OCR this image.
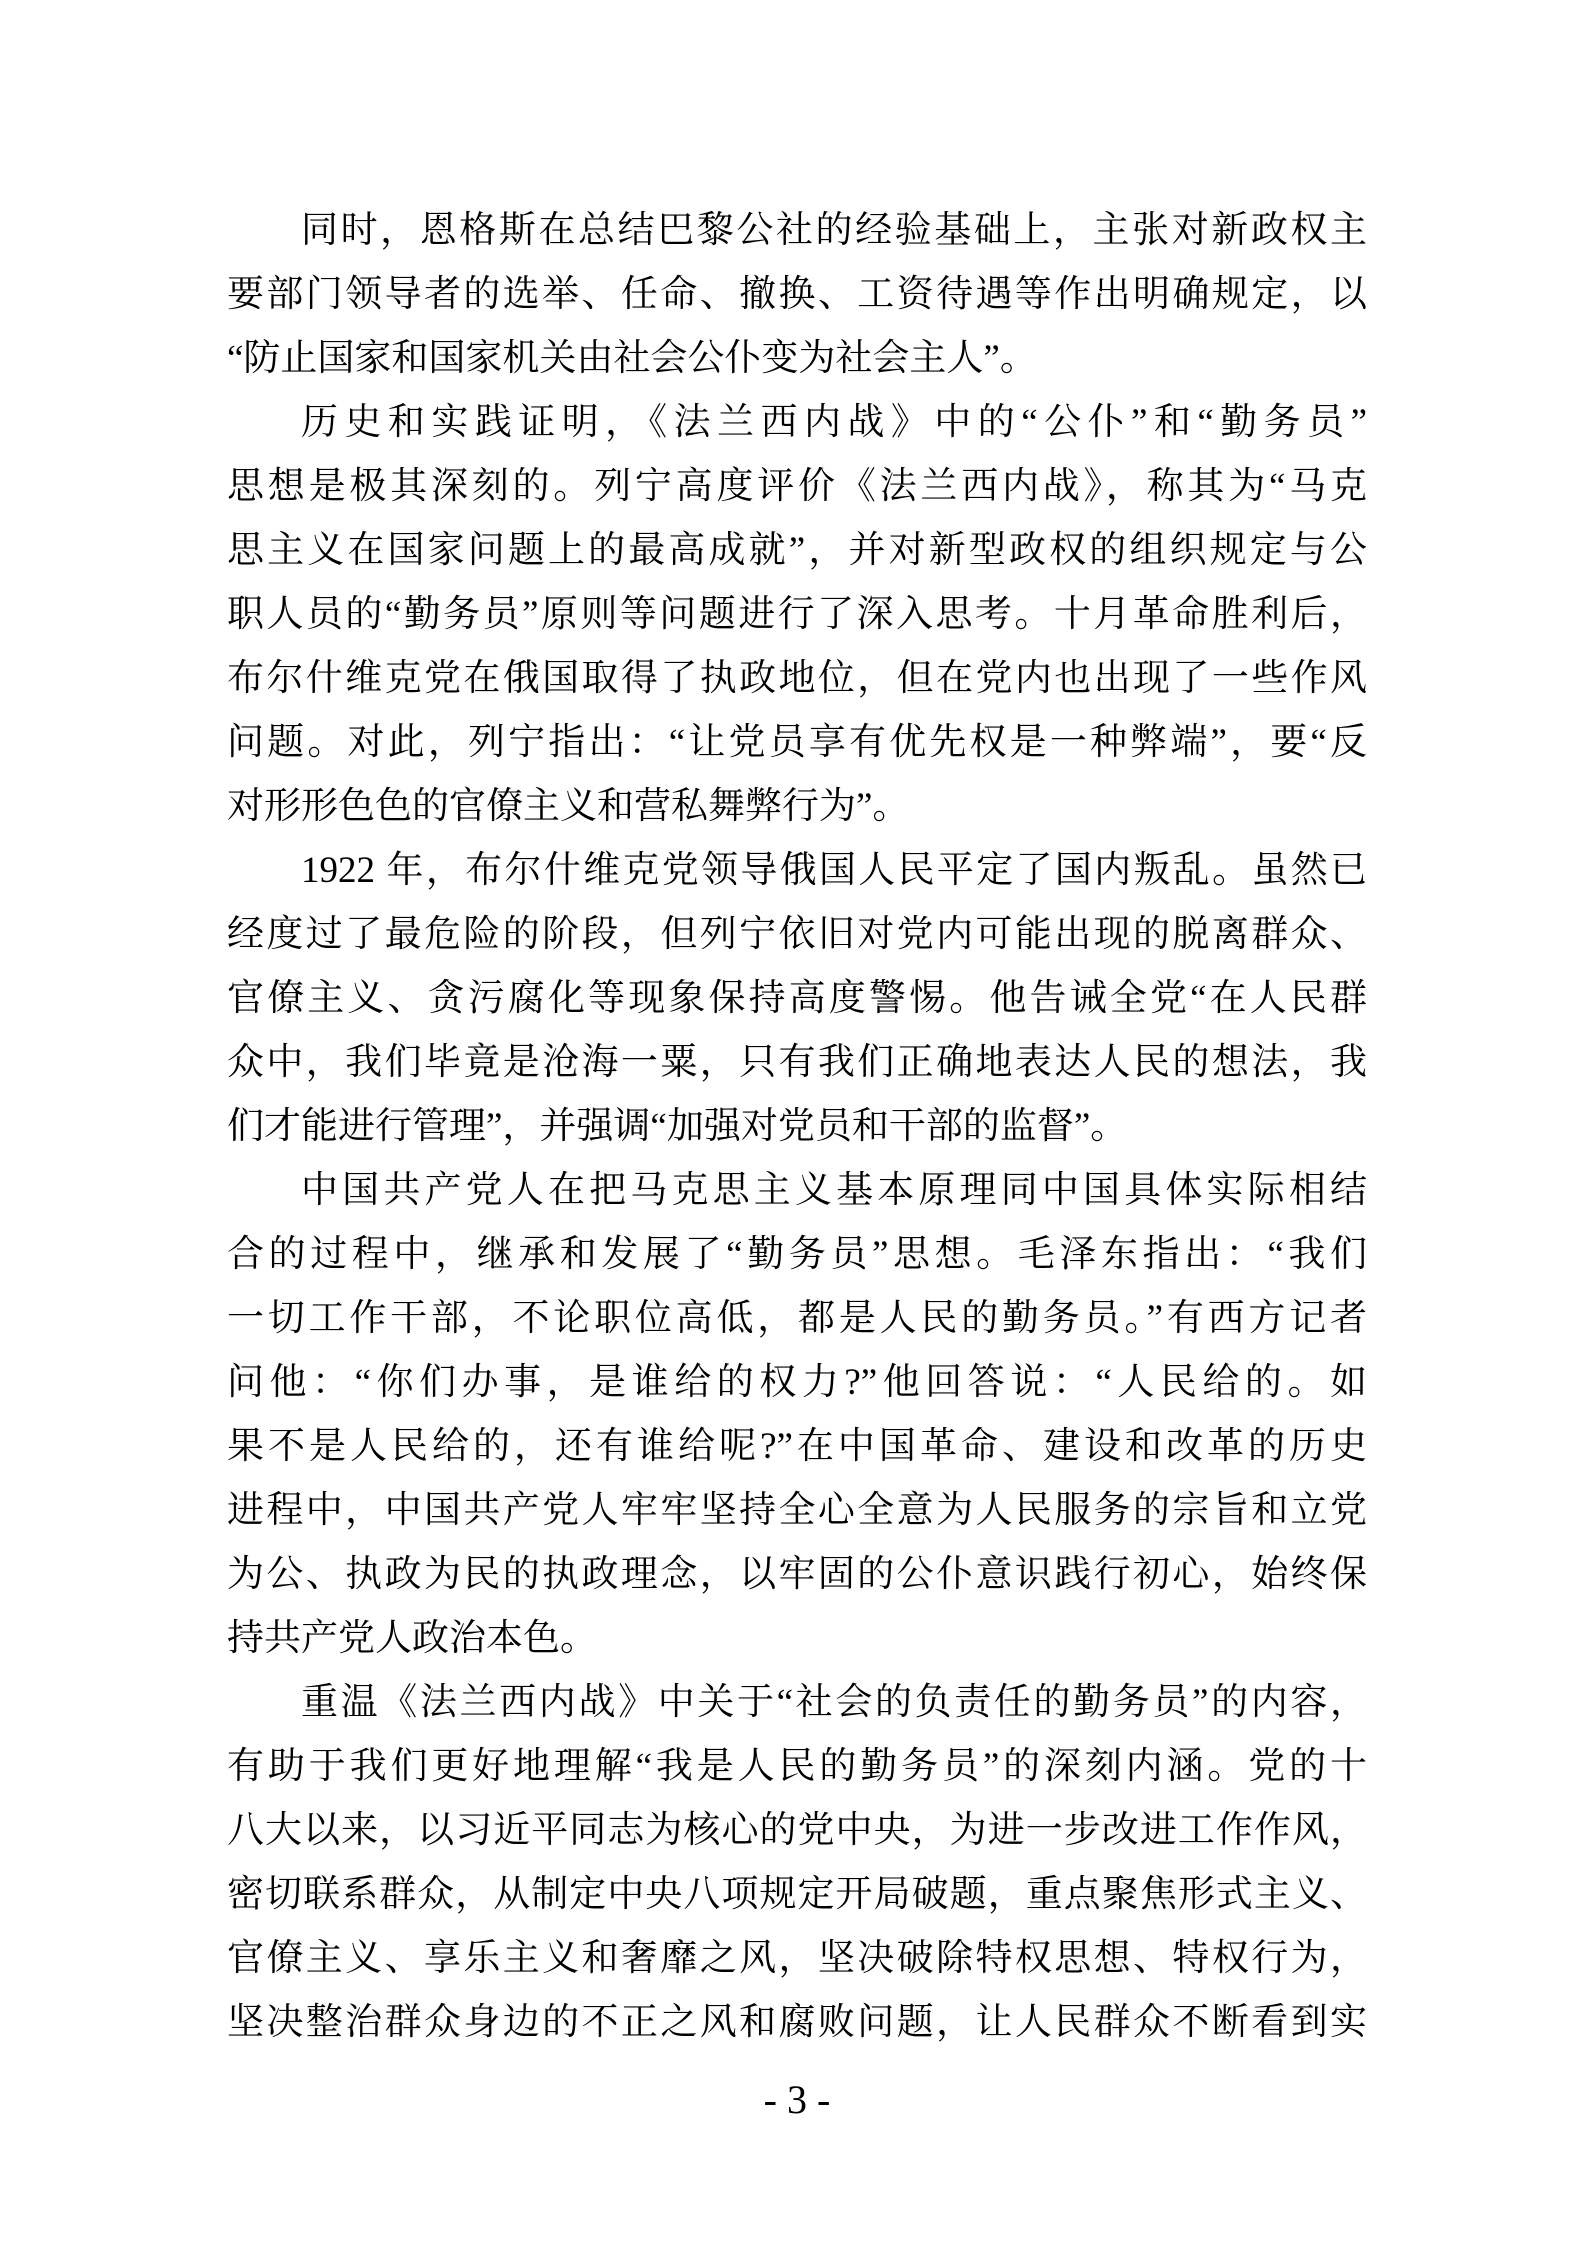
同时，恩格斯在总结巴黎公社的经验基础上，主张对新政权主
要部门领导者的选举、任命、撤换、工资待遇等作出明确规定，以
“防止国家和国家机关由社会公仆变为社会主人”。
历史和实践证明，《法兰西内战》中的“公仆”和“勤务员”
思想是极其深刻的。列宁高度评价《法兰西内战》，称其为“马克
思主义在国家问题上的最高成就”，并对新型政权的组织规定与公
职人员的“勤务员”原则等问题进行了深入思考。十月革命胜利后，
布尔什维克党在俄国取得了执政地位，但在党内也出现了一些作风
问题。对此，列宁指出：“让党员享有优先权是一种弊端”，要“反
对形形色色的官僚主义和营私舞弊行为”。
1922 年，布尔什维克党领导俄国人民平定了国内叛乱。虽然已
经度过了最危险的阶段，但列宁依旧对党内可能出现的脱离群众、
官僚主义、贪污腐化等现象保持高度警惕。他告诫全党“在人民群
众中，我们毕竟是沧海一粟，只有我们正确地表达人民的想法，我
们才能进行管理”，并强调“加强对党员和干部的监督”。
中国共产党人在把马克思主义基本原理同中国具体实际相结
合的过程中，继承和发展了“勤务员”思想。毛泽东指出：“我们
一切工作干部，不论职位高低，都是人民的勤务员。”有西方记者
问他：“你们办事，是谁给的权力?”他回答说：“人民给的。如
果不是人民给的，还有谁给呢?”在中国革命、建设和改革的历史
进程中，中国共产党人牢牢坚持全心全意为人民服务的宗旨和立党
为公、执政为民的执政理念，以牢固的公仆意识践行初心，始终保
持共产党人政治本色。
重温《法兰西内战》中关于“社会的负责任的勤务员”的内容，
有助于我们更好地理解“我是人民的勤务员”的深刻内涵。党的十
八大以来，以习近平同志为核心的党中央，为进一步改进工作作风，
密切联系群众，从制定中央八项规定开局破题，重点聚焦形式主义、
官僚主义、享乐主义和奢靡之风，坚决破除特权思想、特权行为，
坚决整治群众身边的不正之风和腐败问题，让人民群众不断看到实
- 3 -
